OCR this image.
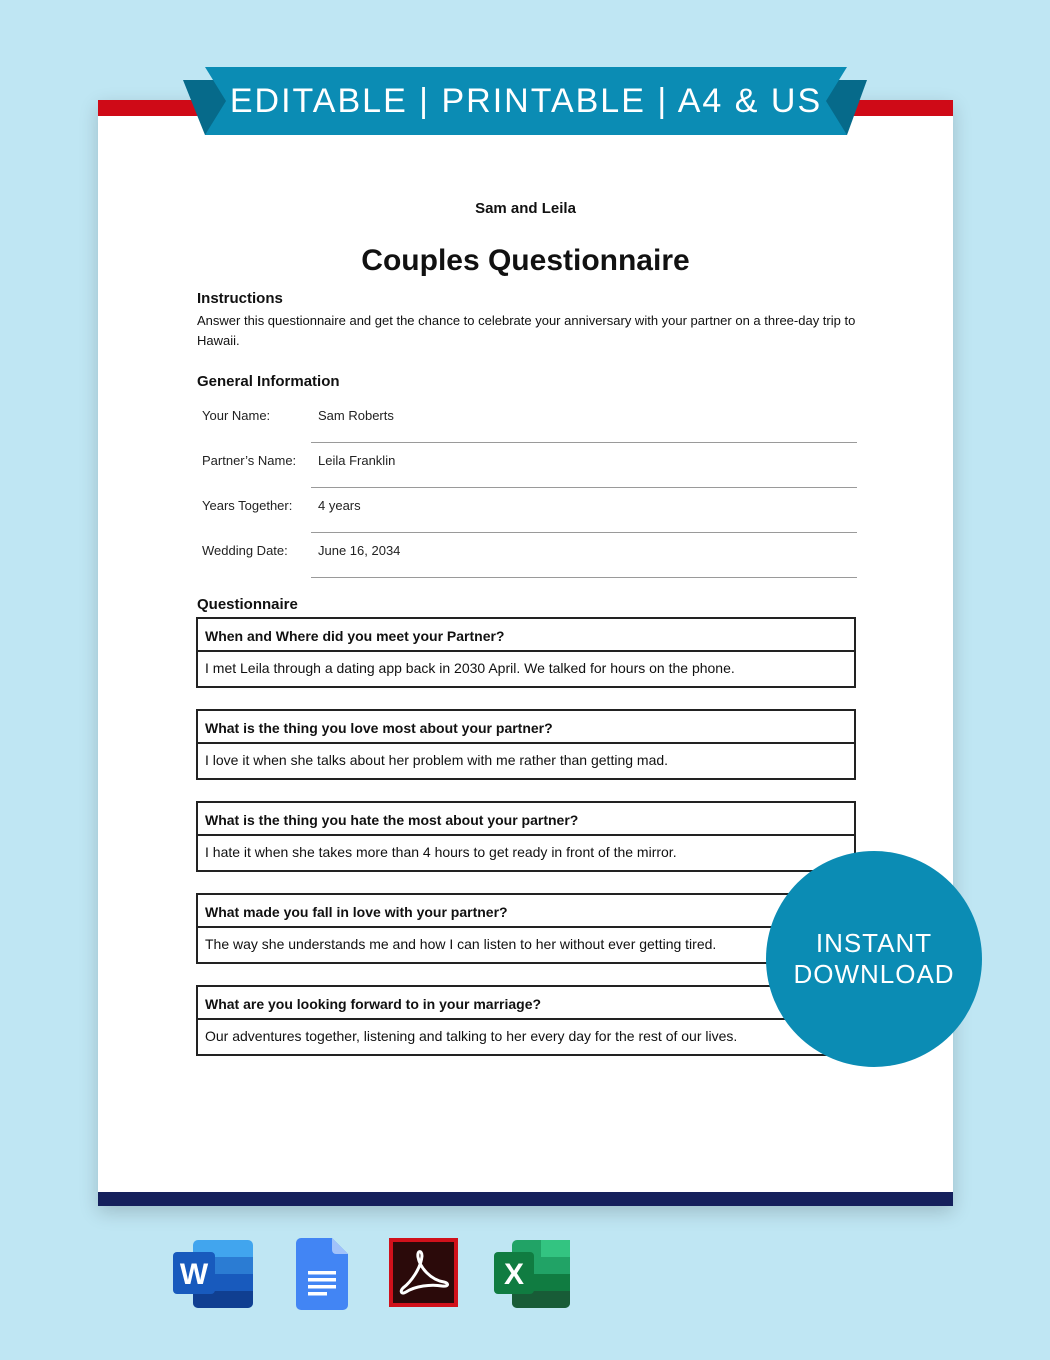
EDITABLE | PRINTABLE | A4 & US
Sam and Leila
Couples Questionnaire
Instructions
Answer this questionnaire and get the chance to celebrate your anniversary with your partner on a three-day trip to Hawaii.
General Information
Your Name:	Sam Roberts
Partner’s Name: Leila Franklin
Years Together: 4 years
Wedding Date: June 16, 2034
Questionnaire
When and Where did you meet your Partner?
I met Leila through a dating app back in 2030 April. We talked for hours on the phone.
What is the thing you love most about your partner?
I love it when she talks about her problem with me rather than getting mad.
What is the thing you hate the most about your partner?
I hate it when she takes more than 4 hours to get ready in front of the mirror.
What made you fall in love with your partner?
The way she understands me and how I can listen to her without ever getting tired.
What are you looking forward to in your marriage?
Our adventures together, listening and talking to her every day for the rest of our lives.
INSTANT
DOWNLOAD
W	X
